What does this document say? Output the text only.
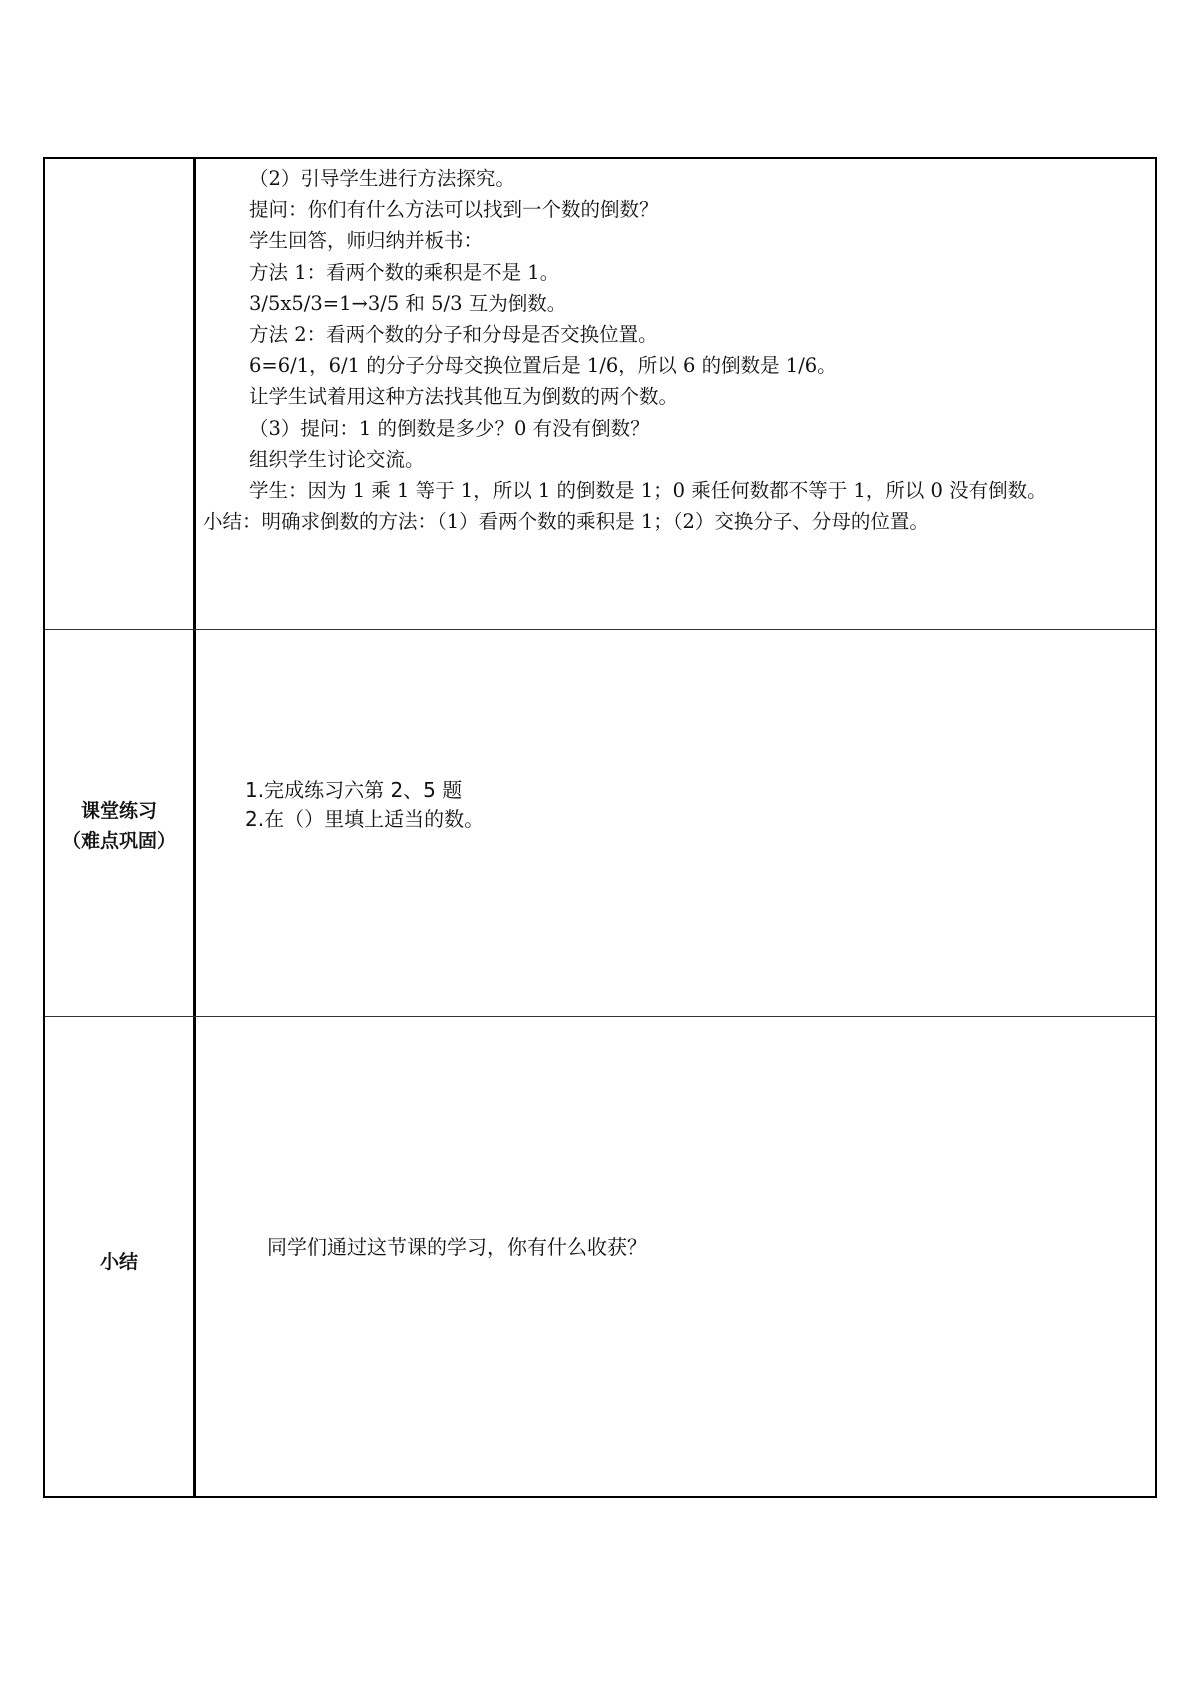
（2）引导学生进行方法探究。
提问：你们有什么方法可以找到一个数的倒数？
学生回答，师归纳并板书：
方法 1：看两个数的乘积是不是 1。
3/5x5/3=1→3/5 和 5/3 互为倒数。
方法 2：看两个数的分子和分母是否交换位置。
6=6/1，6/1 的分子分母交换位置后是 1/6，所以 6 的倒数是 1/6。
让学生试着用这种方法找其他互为倒数的两个数。
（3）提问：1 的倒数是多少？0 有没有倒数？
组织学生讨论交流。
学生：因为 1 乘 1 等于 1，所以 1 的倒数是 1；0 乘任何数都不等于 1，所以 0 没有倒数。
小结：明确求倒数的方法：（1）看两个数的乘积是 1；（2）交换分子、分母的位置。
课堂练习
（难点巩固）
1.完成练习六第 2、5 题
2.在（）里填上适当的数。
小结
同学们通过这节课的学习，你有什么收获？
